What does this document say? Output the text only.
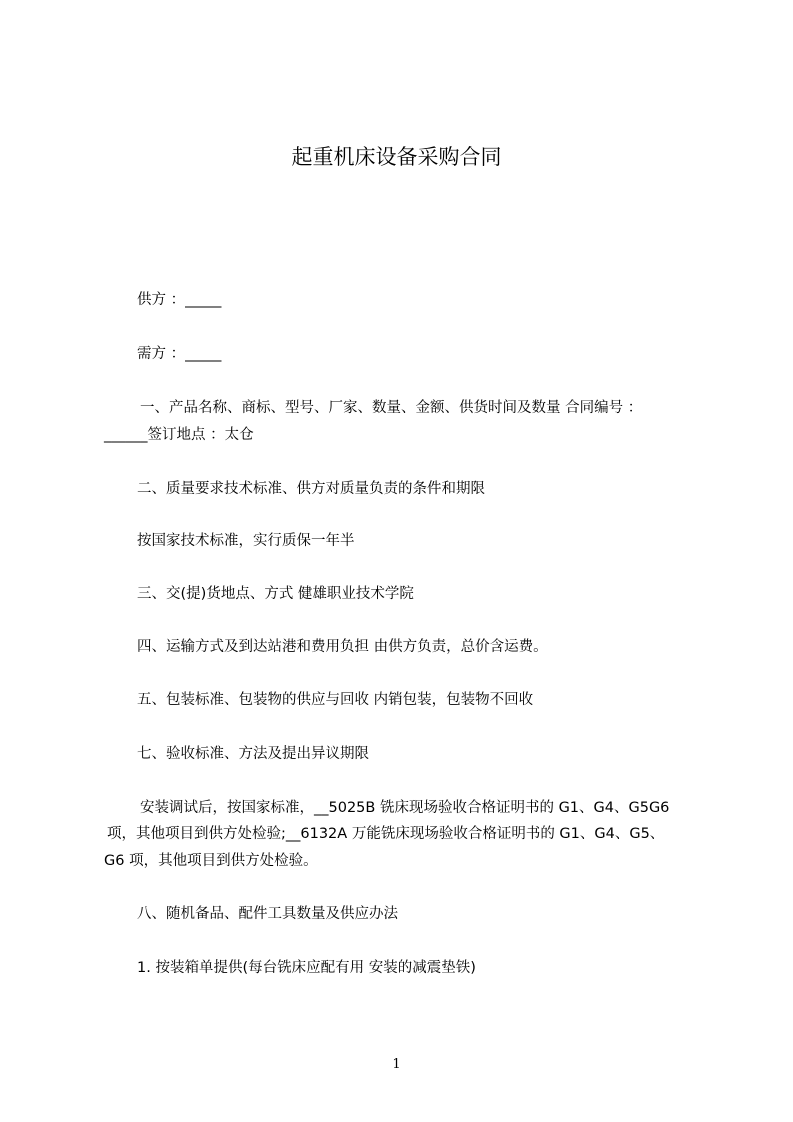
起重机床设备采购合同
供方 ：_____
需方 ：_____
一、产品名称、商标、型号、厂家、数量、金额、供货时间及数量 合同编号 ：
______签订地点 ：太仓
二、质量要求技术标准、供方对质量负责的条件和期限
按国家技术标准，实行质保一年半
三、交(提)货地点、方式 健雄职业技术学院
四、运输方式及到达站港和费用负担 由供方负责，总价含运费。
五、包装标准、包装物的供应与回收 内销包装，包装物不回收
七、验收标准、方法及提出异议期限
安装调试后，按国家标准，__5025B 铣床现场验收合格证明书的 G1、G4、G5G6
项，其他项目到供方处检验;__6132A 万能铣床现场验收合格证明书的 G1、G4、G5、
G6 项，其他项目到供方处检验。
八、随机备品、配件工具数量及供应办法
1. 按装箱单提供(每台铣床应配有用 安装的减震垫铁)
1
